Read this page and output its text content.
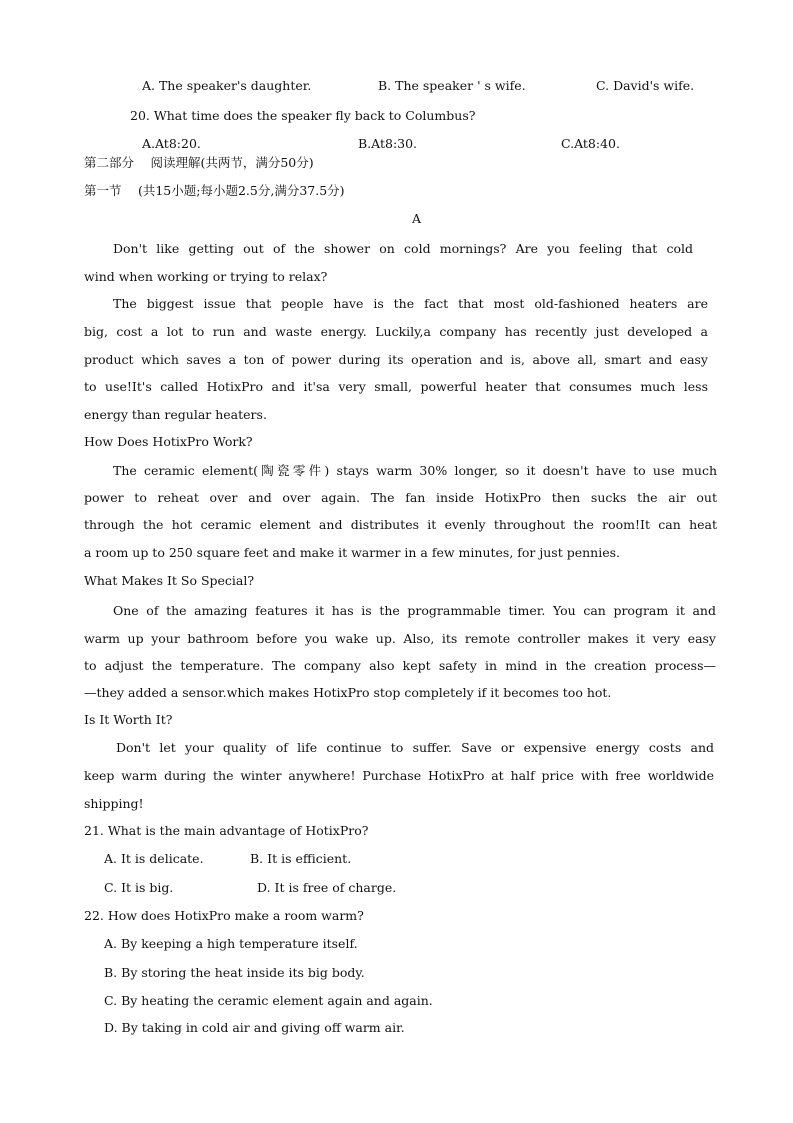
A. The speaker's daughter.	B. The speaker ' s wife.	C. David's wife.
20. What time does the speaker fly back to Columbus?
A.At8:20.	B.At8:30.	C.At8:40.
第二部分　 阅读理解(共两节，满分50分)
第一节　 (共15小题;每小题2.5分,满分37.5分)
A
Don't like getting out of the shower on cold mornings? Are you feeling that cold
wind when working or trying to relax?
The biggest issue that people have is the fact that most old-fashioned heaters are
big, cost a lot to run and waste energy. Luckily,a company has recently just developed a
product which saves a ton of power during its operation and is, above all, smart and easy
to use!It's called HotixPro and it'sa very small, powerful heater that consumes much less
energy than regular heaters.
How Does HotixPro Work?
The ceramic element(陶瓷零件) stays warm 30% longer, so it doesn't have to use much
power to reheat over and over again. The fan inside HotixPro then sucks the air out
through the hot ceramic element and distributes it evenly throughout the room!It can heat
a room up to 250 square feet and make it warmer in a few minutes, for just pennies.
What Makes It So Special?
One of the amazing features it has is the programmable timer. You can program it and
warm up your bathroom before you wake up. Also, its remote controller makes it very easy
to adjust the temperature. The company also kept safety in mind in the creation process—
—they added a sensor.which makes HotixPro stop completely if it becomes too hot.
Is It Worth It?
Don't let your quality of life continue to suffer. Save or expensive energy costs and
keep warm during the winter anywhere! Purchase HotixPro at half price with free worldwide
shipping!
21. What is the main advantage of HotixPro?
A. It is delicate.	B. It is efficient.
C. It is big.	D. It is free of charge.
22. How does HotixPro make a room warm?
A. By keeping a high temperature itself.
B. By storing the heat inside its big body.
C. By heating the ceramic element again and again.
D. By taking in cold air and giving off warm air.
